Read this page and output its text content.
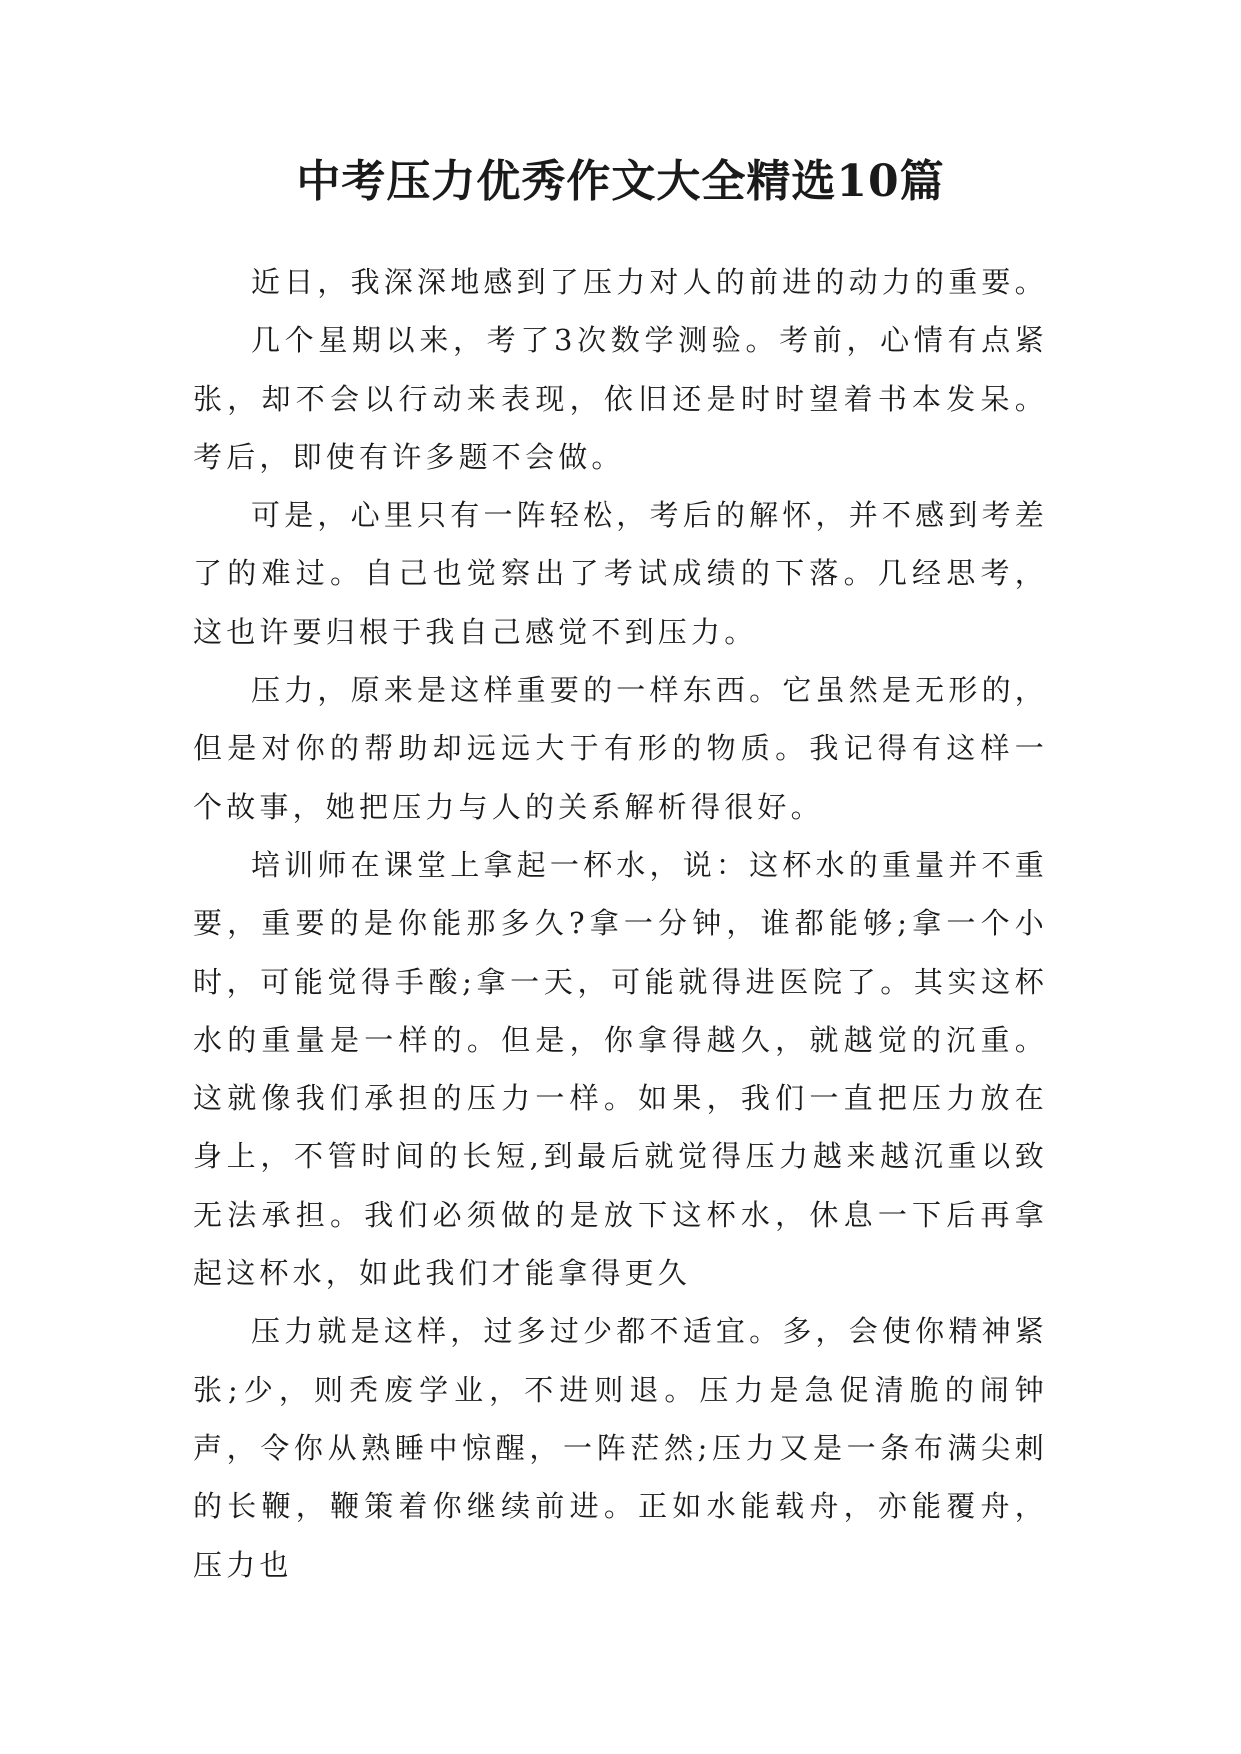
中考压力优秀作文大全精选10篇

近日，我深深地感到了压力对人的前进的动力的重要。

几个星期以来，考了3次数学测验。考前，心情有点紧张，却不会以行动来表现，依旧还是时时望着书本发呆。考后，即使有许多题不会做。

可是，心里只有一阵轻松，考后的解怀，并不感到考差了的难过。自己也觉察出了考试成绩的下落。几经思考，这也许要归根于我自己感觉不到压力。

压力，原来是这样重要的一样东西。它虽然是无形的，但是对你的帮助却远远大于有形的物质。我记得有这样一个故事，她把压力与人的关系解析得很好。

培训师在课堂上拿起一杯水，说：这杯水的重量并不重要，重要的是你能那多久?拿一分钟，谁都能够;拿一个小时，可能觉得手酸;拿一天，可能就得进医院了。其实这杯水的重量是一样的。但是，你拿得越久，就越觉的沉重。这就像我们承担的压力一样。如果，我们一直把压力放在身上，不管时间的长短,到最后就觉得压力越来越沉重以致无法承担。我们必须做的是放下这杯水，休息一下后再拿起这杯水，如此我们才能拿得更久

压力就是这样，过多过少都不适宜。多，会使你精神紧张;少，则秃废学业，不进则退。压力是急促清脆的闹钟声，令你从熟睡中惊醒，一阵茫然;压力又是一条布满尖刺的长鞭，鞭策着你继续前进。正如水能载舟，亦能覆舟，压力也
